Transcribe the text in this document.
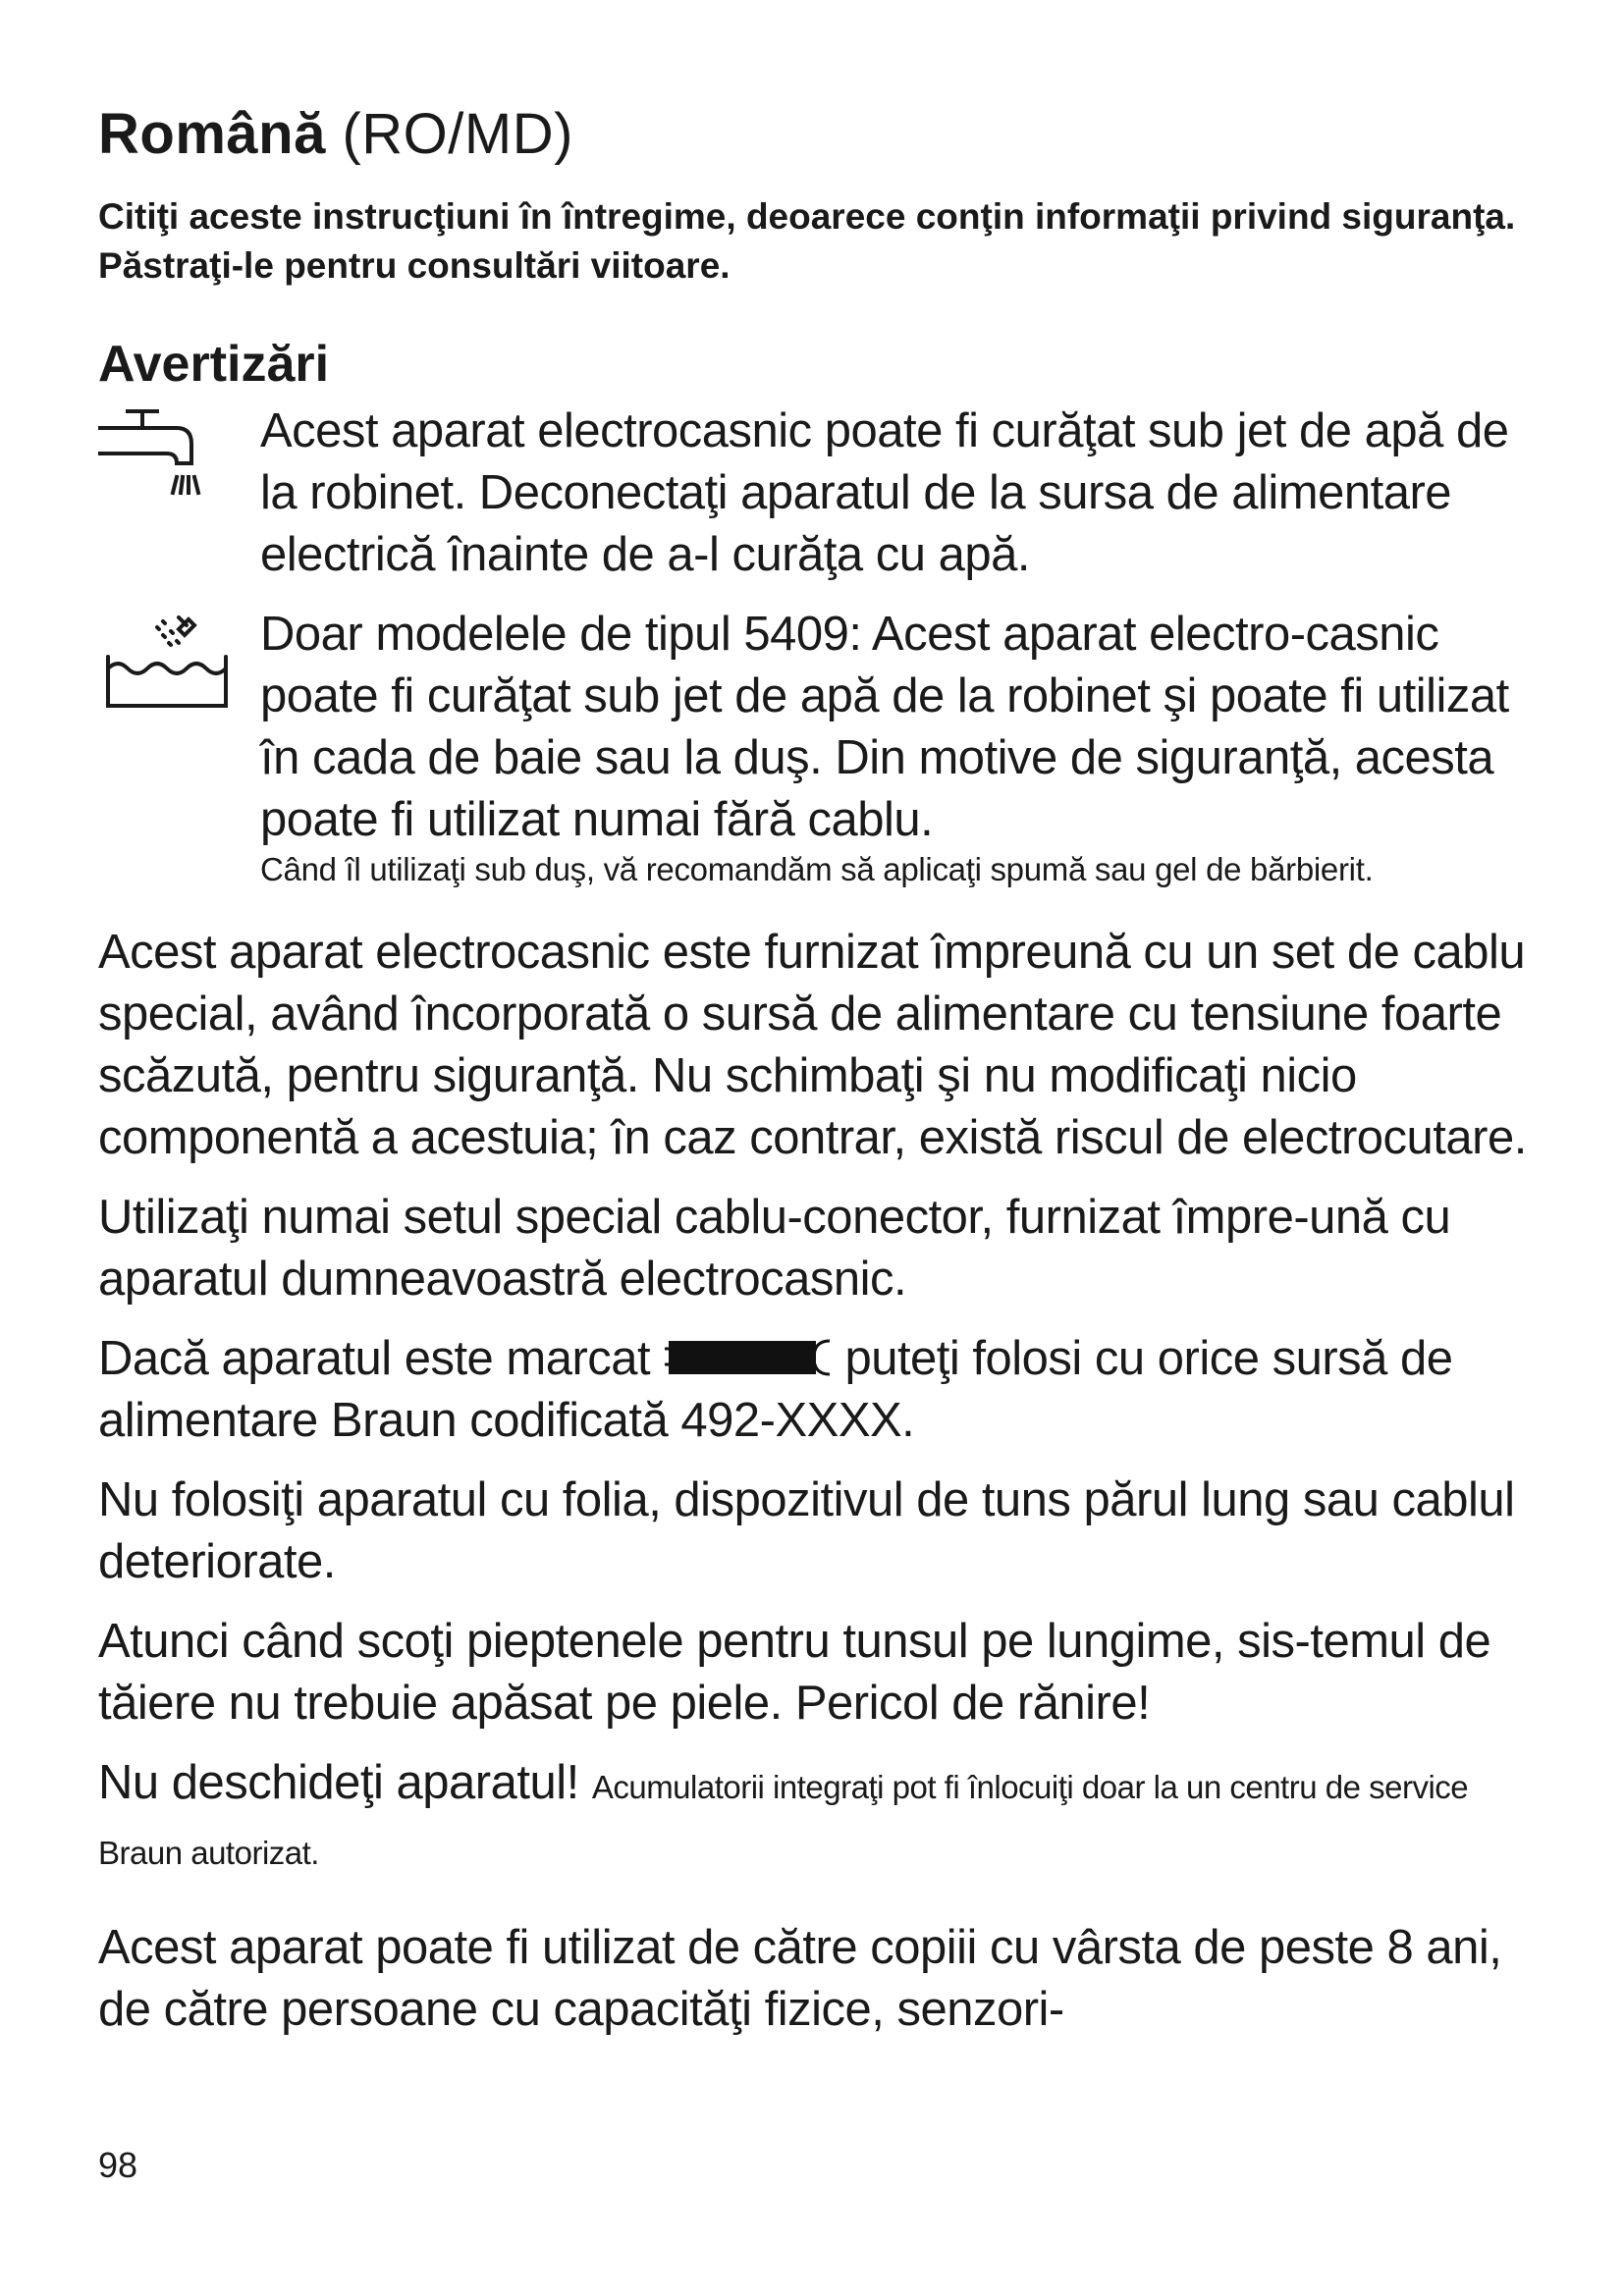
Română (RO/MD)

Citiţi aceste instrucţiuni în întregime, deoarece conţin informaţii privind siguranţa. Păstraţi-le pentru consultări viitoare.

Avertizări
Acest aparat electrocasnic poate fi curăţat sub jet de apă de la robinet. Deconectaţi aparatul de la sursa de alimentare electrică înainte de a-l curăţa cu apă.
Doar modelele de tipul 5409: Acest aparat electro-casnic poate fi curăţat sub jet de apă de la robinet şi poate fi utilizat în cada de baie sau la duş. Din motive de siguranţă, acesta poate fi utilizat numai fără cablu.
Când îl utilizaţi sub duş, vă recomandăm să aplicaţi spumă sau gel de bărbierit.

Acest aparat electrocasnic este furnizat împreună cu un set de cablu special, având încorporată o sursă de alimentare cu tensiune foarte scăzută, pentru siguranţă. Nu schimbaţi şi nu modificaţi nicio componentă a acestuia; în caz contrar, există riscul de electrocutare.

Utilizaţi numai setul special cablu-conector, furnizat împre-ună cu aparatul dumneavoastră electrocasnic.

Dacă aparatul este marcat	puteţi folosi cu orice sursă de alimentare Braun codificată 492-XXXX.

Nu folosiţi aparatul cu folia, dispozitivul de tuns părul lung sau cablul deteriorate.

Atunci când scoţi pieptenele pentru tunsul pe lungime, sis-temul de tăiere nu trebuie apăsat pe piele. Pericol de rănire!

Nu deschideţi aparatul! Acumulatorii integraţi pot fi înlocuiţi doar la un centru de service Braun autorizat.

Acest aparat poate fi utilizat de către copiii cu vârsta de peste 8 ani, de către persoane cu capacităţi fizice, senzori-

98
